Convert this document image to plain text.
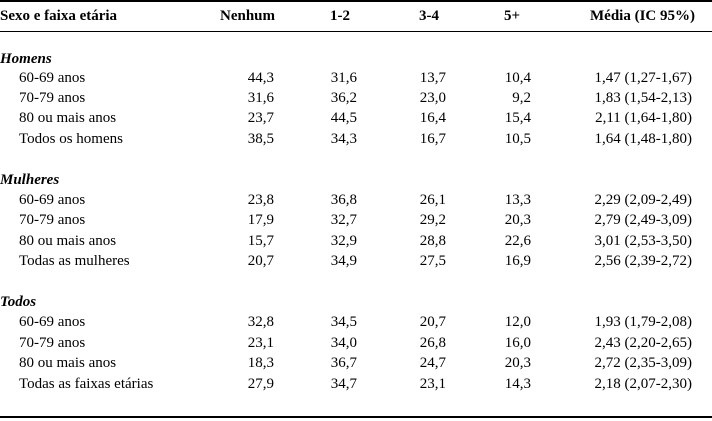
Sexo e faixa etária	Nenhum	1-2	3-4	5+	Média (IC 95%)
Homens
60-69 anos	44,3	31,6	13,7	10,4	1,47 (1,27-1,67)
70-79 anos	31,6	36,2	23,0	9,2	1,83 (1,54-2,13)
80 ou mais anos	23,7	44,5	16,4	15,4	2,11 (1,64-1,80)
Todos os homens	38,5	34,3	16,7	10,5	1,64 (1,48-1,80)
Mulheres
60-69 anos	23,8	36,8	26,1	13,3	2,29 (2,09-2,49)
70-79 anos	17,9	32,7	29,2	20,3	2,79 (2,49-3,09)
80 ou mais anos	15,7	32,9	28,8	22,6	3,01 (2,53-3,50)
Todas as mulheres	20,7	34,9	27,5	16,9	2,56 (2,39-2,72)
Todos
60-69 anos	32,8	34,5	20,7	12,0	1,93 (1,79-2,08)
70-79 anos	23,1	34,0	26,8	16,0	2,43 (2,20-2,65)
80 ou mais anos	18,3	36,7	24,7	20,3	2,72 (2,35-3,09)
Todas as faixas etárias	27,9	34,7	23,1	14,3	2,18 (2,07-2,30)
